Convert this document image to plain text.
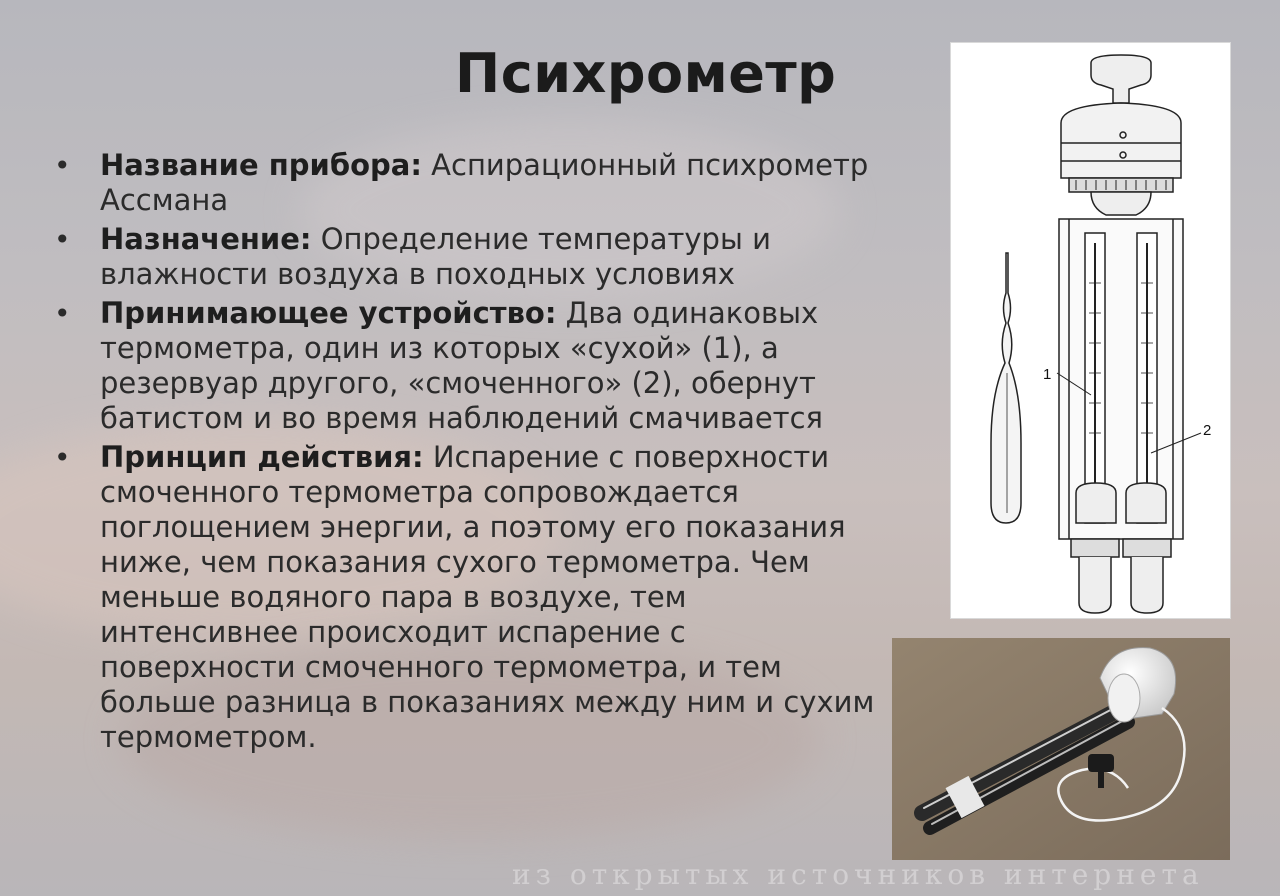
Психрометр
• Название прибора: Аспирационный психрометр Ассмана
• Назначение: Определение температуры и влажности воздуха в походных условиях
• Принимающее устройство: Два одинаковых термометра, один из которых «сухой» (1), а резервуар другого, «смоченного» (2), обернут батистом и во время наблюдений смачивается
• Принцип действия: Испарение с поверхности смоченного термометра сопровождается поглощением энергии, а поэтому его показания ниже, чем показания сухого термометра. Чем меньше водяного пара в воздухе, тем интенсивнее происходит испарение с поверхности смоченного термометра, и тем больше разница в показаниях между ним и сухим термометром.
1
2
из открытых источников интернета
